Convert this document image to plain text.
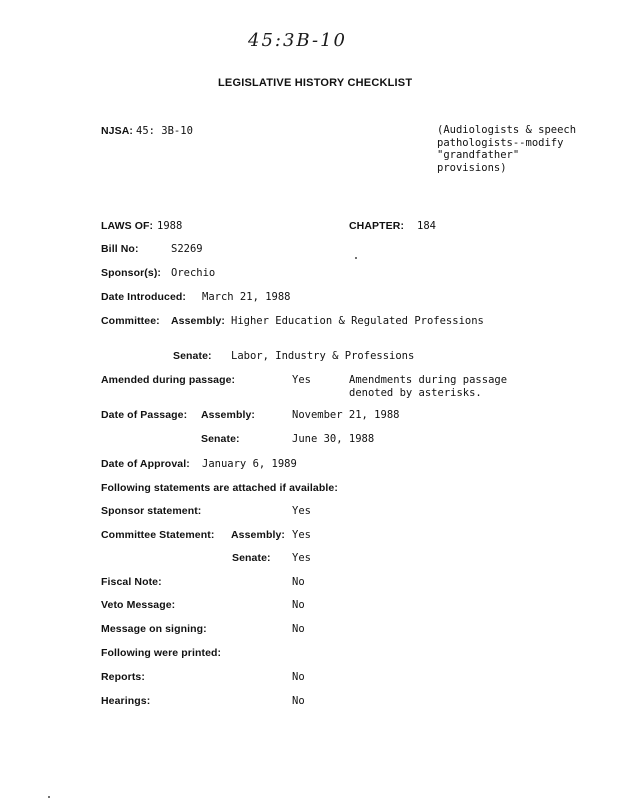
45:3B-10
LEGISLATIVE HISTORY CHECKLIST
NJSA: 45: 3B-10	(Audiologists & speech pathologists--modify "grandfather" provisions)
LAWS OF: 1988	CHAPTER: 184
Bill No:	S2269
Sponsor(s): Orechio
Date Introduced: March 21, 1988
Committee: Assembly: Higher Education & Regulated Professions
Senate: Labor, Industry & Professions
Amended during passage:	Yes	Amendments during passage denoted by asterisks.
Date of Passage: Assembly:	November 21, 1988
Senate:	June 30, 1988
Date of Approval: January 6, 1989
Following statements are attached if available:
Sponsor statement:	Yes
Committee Statement: Assembly: Yes
Senate: Yes
Fiscal Note:	No
Veto Message:	No
Message on signing:	No
Following were printed:
Reports:	No
Hearings:	No
